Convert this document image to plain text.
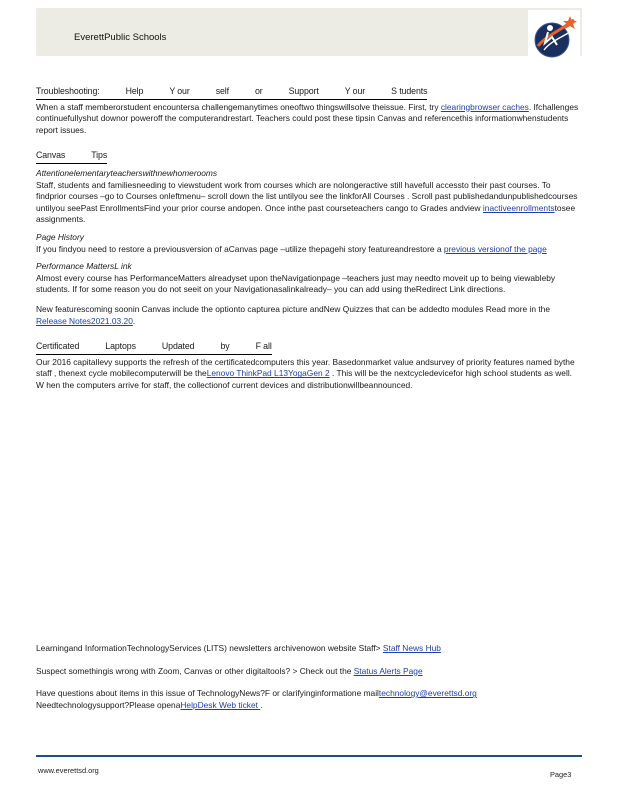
EverettPublic Schools
Troubleshooting:	Help	Y our	self	or	Support	Y our	S tudents

When a staff memberorstudent encountersa challengemanytimes oneoftwo thingswillsolve theissue. First, try clearingbrowser caches. Ifchallenges continuefullyshut downor poweroff the computerandrestart. Teachers could post these tipsin Canvas and referencethis informationwhenstudents report issues.

Canvas	Tips

Attentionelementaryteacherswithnewhomerooms

Staff, students and familiesneeding to viewstudent work from courses which are nolongeractive still havefull accessto their past courses. To findprior courses –go to Courses onleftmenu– scroll down the list untilyou see the linkforAll Courses . Scroll past publishedandunpublishedcourses untilyou seePast EnrollmentsFind your prior course andopen. Once inthe past courseteachers cango to Grades andview inactiveenrollmentstosee assignments.

Page History

If you findyou need to restore a previousversion of aCanvas page –utilize thepagehi story featureandrestore a previous versionof the page

Performance MattersL ink

Almost every course has PerformanceMatters alreadyset upon theNavigationpage –teachers just may needto moveit up to being viewableby students. If for some reason you do not seeit on your Navigationasalinkalready– you can add using theRedirect Link directions.

New featurescoming soonin Canvas include the optionto capturea picture andNew Quizzes that can be addedto modules Read more in the Release Notes2021.03.20.

Certificated	Laptops	Updated	by	F all

Our 2016 capitallevy supports the refresh of the certificatedcomputers this year. Basedonmarket value andsurvey of priority features named bythe staff , thenext cycle mobilecomputerwill be theLenovo ThinkPad L13YogaGen 2 . This will be the nextcycledevicefor high school students as well. W hen the computers arrive for staff, the collectionof current devices and distributionwillbeannounced.

Learningand InformationTechnologyServices (LITS) newsletters archivenowon website Staff> Staff News Hub

Suspect somethingis wrong with Zoom, Canvas or other digitaltools? > Check out the Status Alerts Page

Have questions about items in this issue of TechnologyNews?F or clarifyinginformatione mailtechnology@everettsd.org

Needtechnologysupport?Please openaHelpDesk Web ticket .

www.everettsd.org	Page3
